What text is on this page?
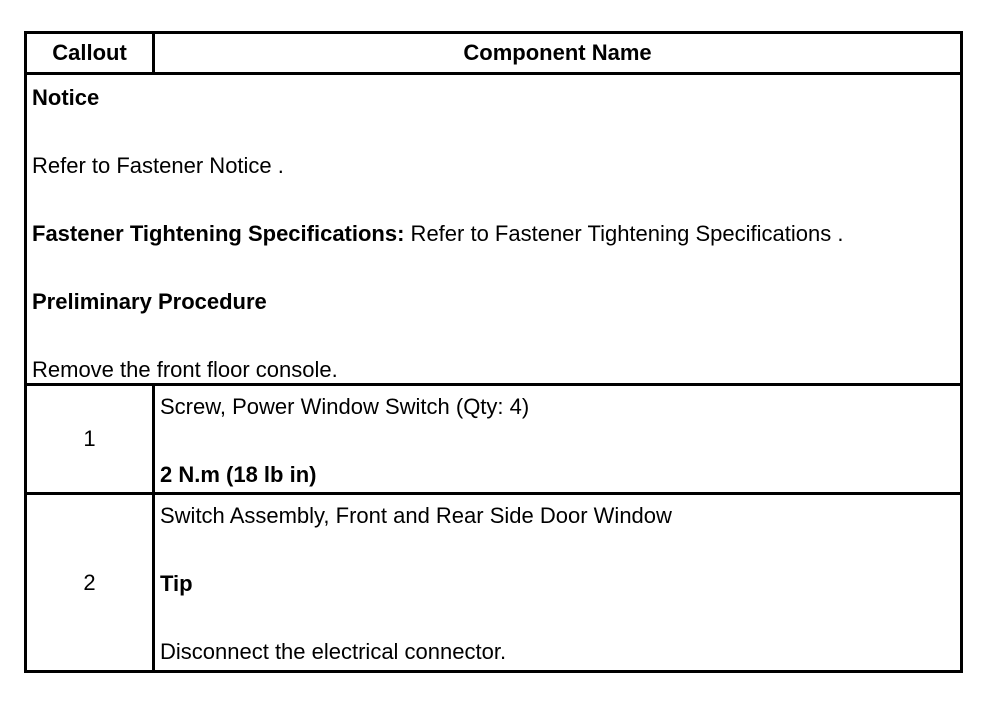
Callout	Component Name

Notice

Refer to Fastener Notice .

Fastener Tightening Specifications: Refer to Fastener Tightening Specifications .

Preliminary Procedure

Remove the front floor console.

1

Screw, Power Window Switch (Qty: 4)

2 N.m (18 lb in)

2

Switch Assembly, Front and Rear Side Door Window

Tip

Disconnect the electrical connector.
